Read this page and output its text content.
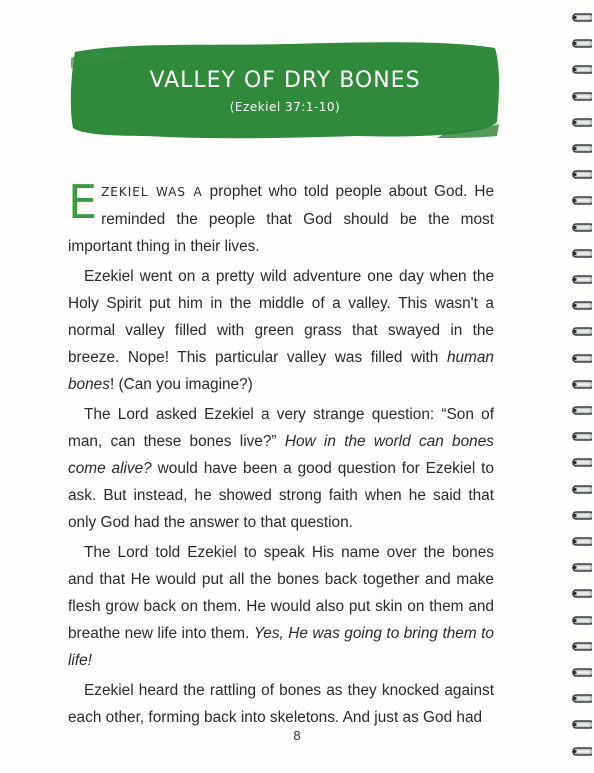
VALLEY OF DRY BONES
(Ezekiel 37:1-10)

EZEKIEL WAS A prophet who told people about God. He reminded the people that God should be the most important thing in their lives.

Ezekiel went on a pretty wild adventure one day when the Holy Spirit put him in the middle of a valley. This wasn't a normal valley filled with green grass that swayed in the breeze. Nope! This particular valley was filled with human bones! (Can you imagine?)

The Lord asked Ezekiel a very strange question: “Son of man, can these bones live?” How in the world can bones come alive? would have been a good question for Ezekiel to ask. But instead, he showed strong faith when he said that only God had the answer to that question.

The Lord told Ezekiel to speak His name over the bones and that He would put all the bones back together and make flesh grow back on them. He would also put skin on them and breathe new life into them. Yes, He was going to bring them to life!

Ezekiel heard the rattling of bones as they knocked against each other, forming back into skeletons. And just as God had

8
